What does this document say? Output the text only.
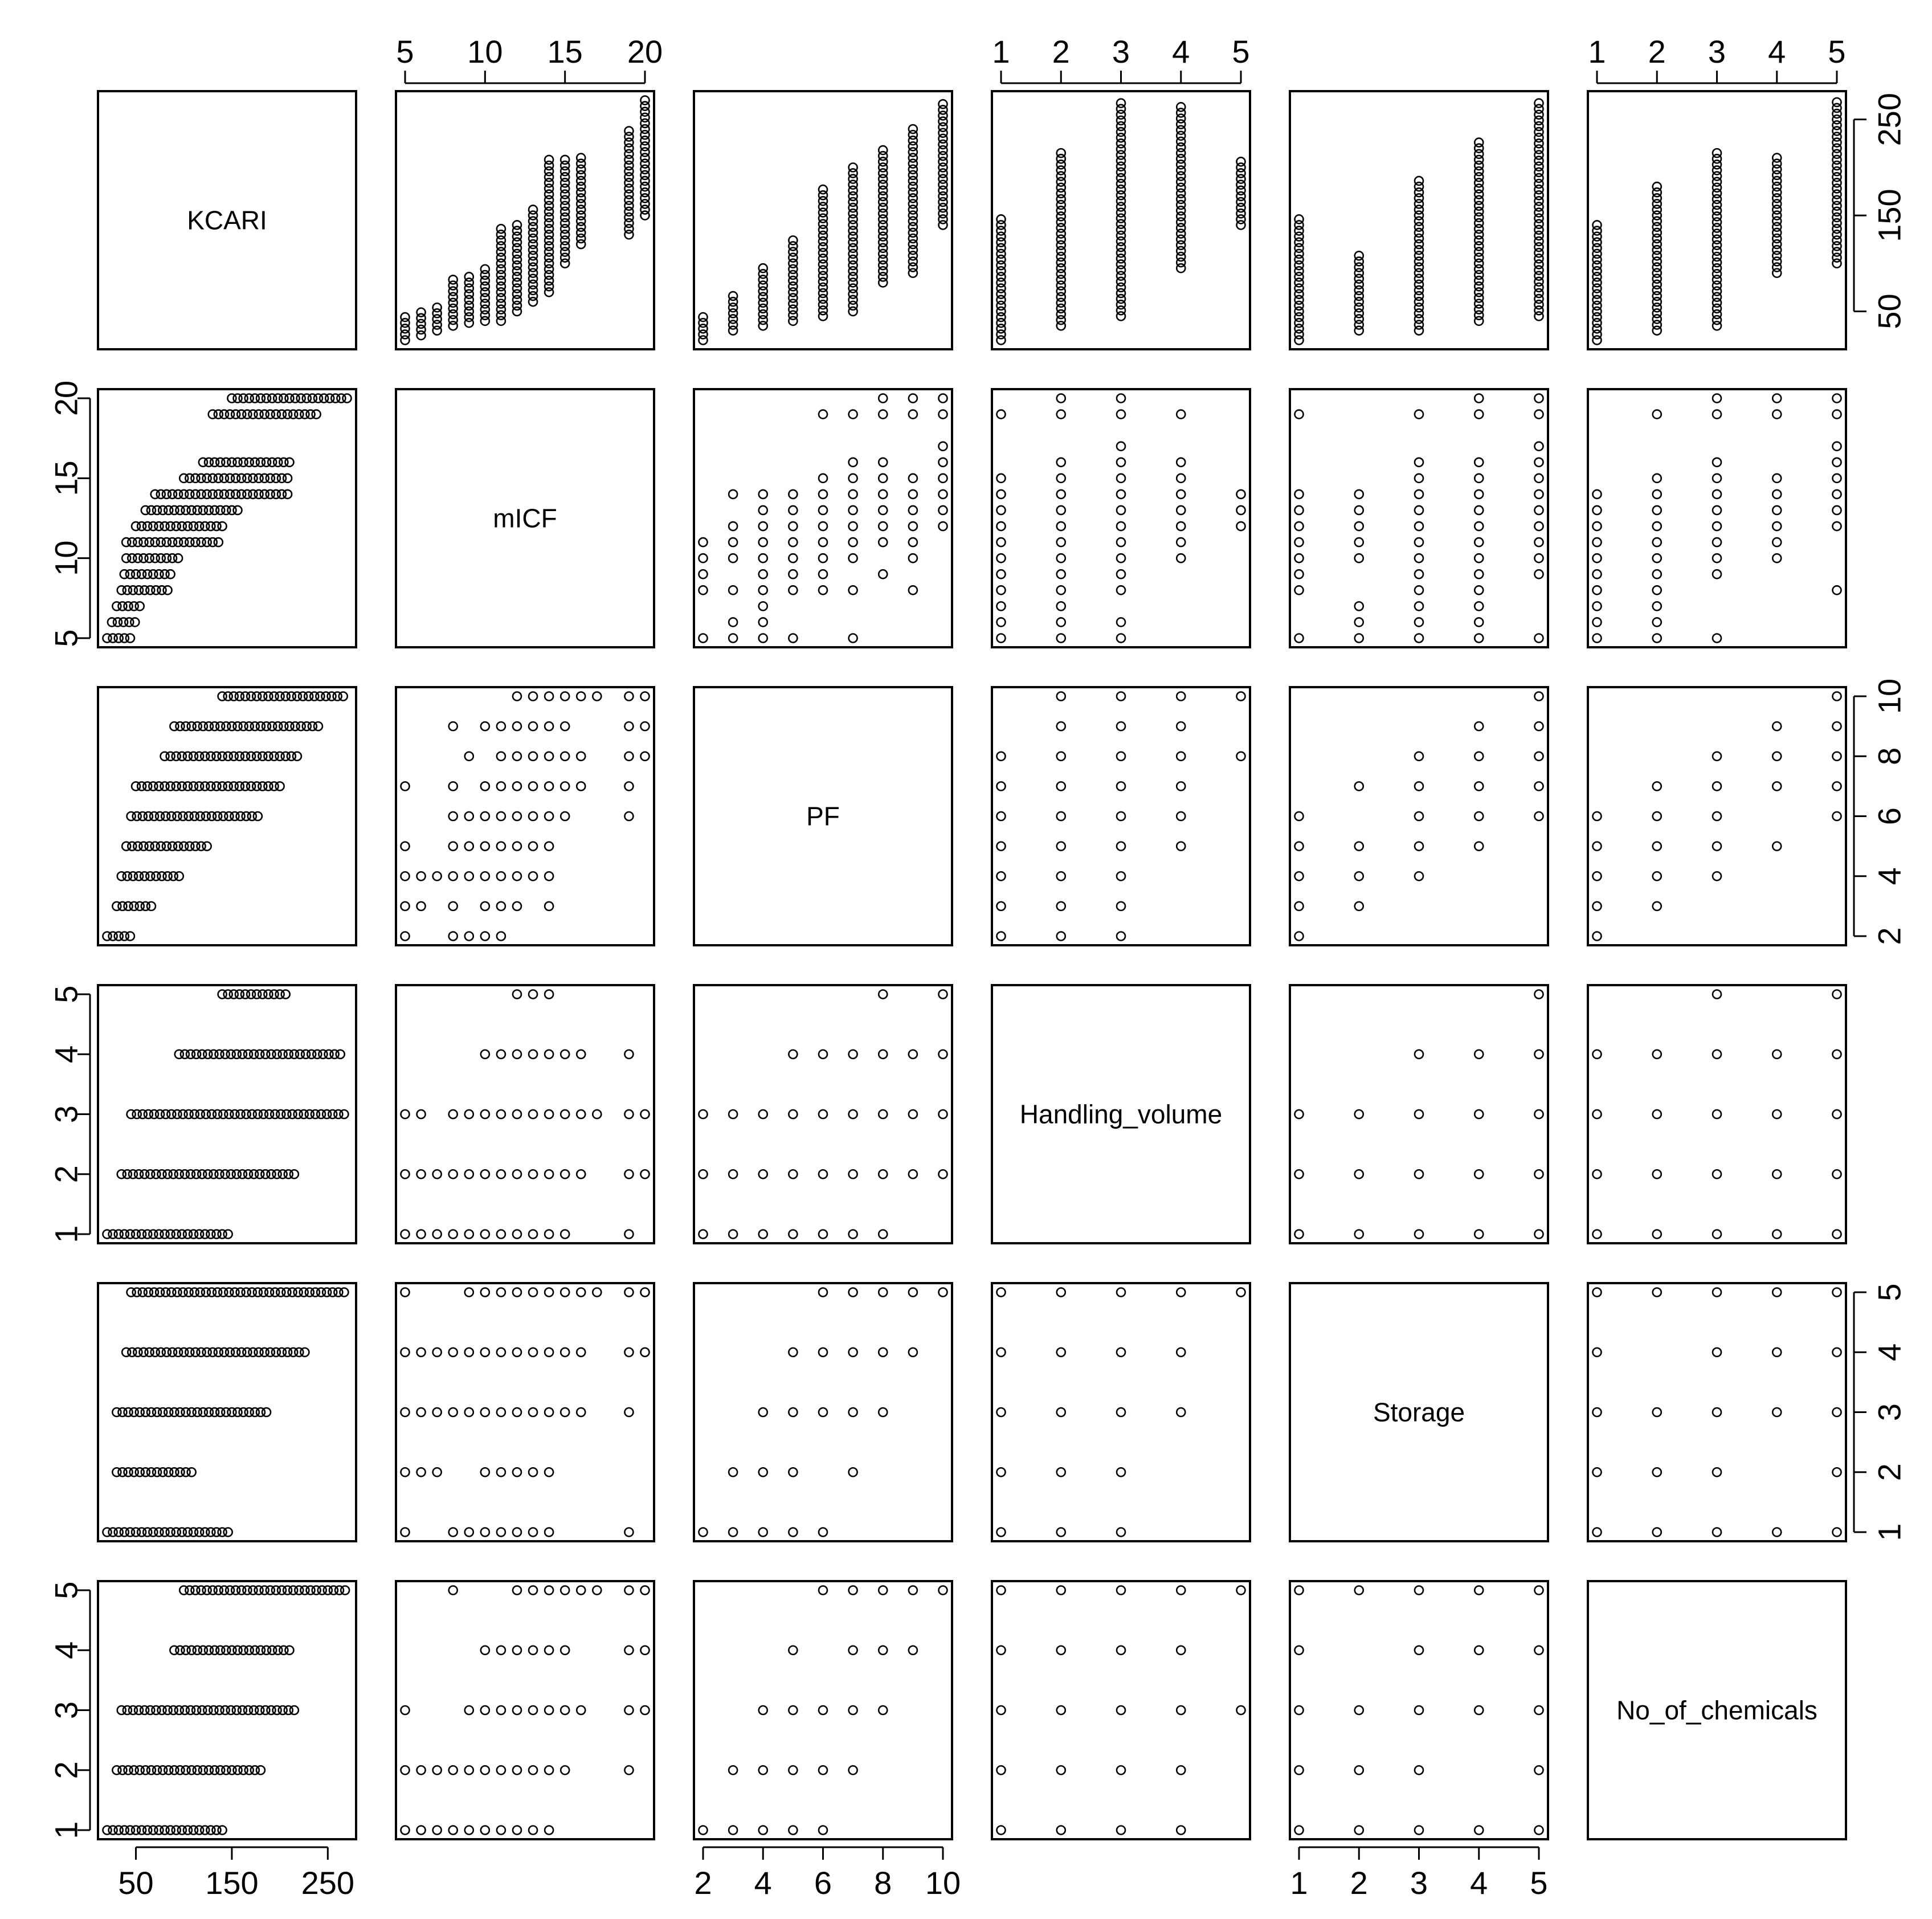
KCARI
mICF
PF
Handling_volume
Storage
No_of_chemicals
50 150 250
50
150
250
5 10 15 20
5
10
15
20
2 4 6 8 10
2
4
6
8
10
1 2 3 4 5
1
2
3
4
5
1 2 3 4 5
1
2
3
4
5
1 2 3 4 5
1
2
3
4
5
